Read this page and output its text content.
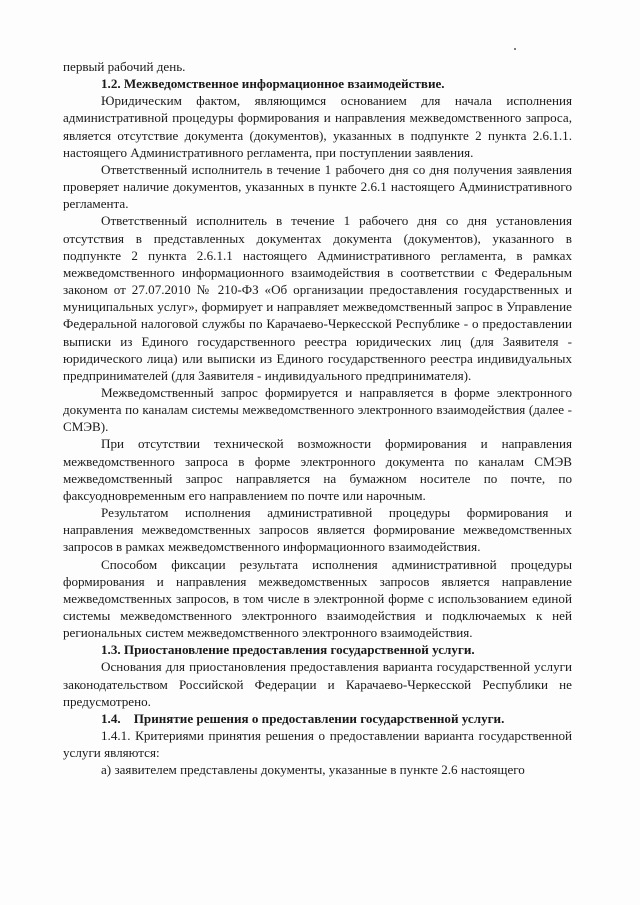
первый рабочий день.

1.2. Межведомственное информационное взаимодействие.

Юридическим фактом, являющимся основанием для начала исполнения административной процедуры формирования и направления межведомственного запроса, является отсутствие документа (документов), указанных в подпункте 2 пункта 2.6.1.1. настоящего Административного регламента, при поступлении заявления.

Ответственный исполнитель в течение 1 рабочего дня со дня получения заявления проверяет наличие документов, указанных в пункте 2.6.1 настоящего Административного регламента.

Ответственный исполнитель в течение 1 рабочего дня со дня установления отсутствия в представленных документах документа (документов), указанного в подпункте 2 пункта 2.6.1.1 настоящего Административного регламента, в рамках межведомственного информационного взаимодействия в соответствии с Федеральным законом от 27.07.2010 № 210-ФЗ «Об организации предоставления государственных и муниципальных услуг», формирует и направляет межведомственный запрос в Управление Федеральной налоговой службы по Карачаево-Черкесской Республике - о предоставлении выписки из Единого государственного реестра юридических лиц (для Заявителя - юридического лица) или выписки из Единого государственного реестра индивидуальных предпринимателей (для Заявителя - индивидуального предпринимателя).

Межведомственный запрос формируется и направляется в форме электронного документа по каналам системы межведомственного электронного взаимодействия (далее - СМЭВ).

При отсутствии технической возможности формирования и направления межведомственного запроса в форме электронного документа по каналам СМЭВ межведомственный запрос направляется на бумажном носителе по почте, по факсуодновременным его направлением по почте или нарочным.

Результатом исполнения административной процедуры формирования и направления межведомственных запросов является формирование межведомственных запросов в рамках межведомственного информационного взаимодействия.

Способом фиксации результата исполнения административной процедуры формирования и направления межведомственных запросов является направление межведомственных запросов, в том числе в электронной форме с использованием единой системы межведомственного электронного взаимодействия и подключаемых к ней региональных систем межведомственного электронного взаимодействия.

1.3. Приостановление предоставления государственной услуги.

Основания для приостановления предоставления варианта государственной услуги законодательством Российской Федерации и Карачаево-Черкесской Республики не предусмотрено.

1.4.    Принятие решения о предоставлении государственной услуги.

1.4.1. Критериями принятия решения о предоставлении варианта государственной услуги являются:

а) заявителем представлены документы, указанные в пункте 2.6 настоящего
